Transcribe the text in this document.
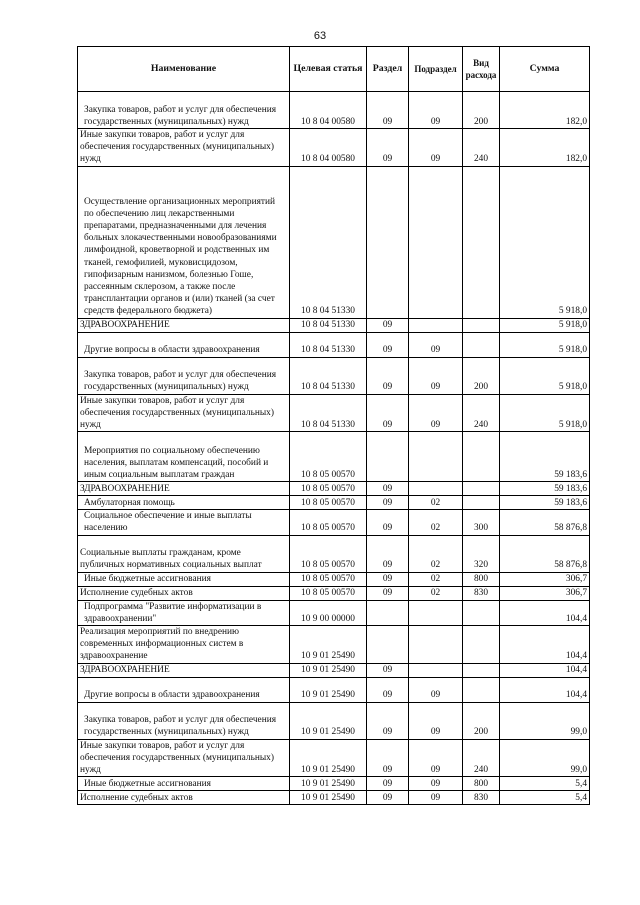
63
Наименование	Целевая статья	Раздел	Подраздел	Вид расхода	Сумма
Закупка товаров, работ и услуг для обеспечения государственных (муниципальных) нужд	10 8 04 00580	09	09	200	182,0
Иные закупки товаров, работ и услуг для обеспечения государственных (муниципальных) нужд	10 8 04 00580	09	09	240	182,0
Осуществление организационных мероприятий по обеспечению лиц лекарственными препаратами, предназначенными для лечения больных злокачественными новообразованиями лимфоидной, кроветворной и родственных им тканей, гемофилией, муковисцидозом, гипофизарным нанизмом, болезнью Гоше, рассеянным склерозом, а также после трансплантации органов и (или) тканей (за счет средств федерального бюджета)	10 8 04 51330				5 918,0
ЗДРАВООХРАНЕНИЕ	10 8 04 51330	09			5 918,0
Другие вопросы в области здравоохранения	10 8 04 51330	09	09		5 918,0
Закупка товаров, работ и услуг для обеспечения государственных (муниципальных) нужд	10 8 04 51330	09	09	200	5 918,0
Иные закупки товаров, работ и услуг для обеспечения государственных (муниципальных) нужд	10 8 04 51330	09	09	240	5 918,0
Мероприятия по социальному обеспечению населения, выплатам компенсаций, пособий и иным социальным выплатам граждан	10 8 05 00570				59 183,6
ЗДРАВООХРАНЕНИЕ	10 8 05 00570	09			59 183,6
Амбулаторная помощь	10 8 05 00570	09	02		59 183,6
Социальное обеспечение и иные выплаты населению	10 8 05 00570	09	02	300	58 876,8
Социальные выплаты гражданам, кроме публичных нормативных социальных выплат	10 8 05 00570	09	02	320	58 876,8
Иные бюджетные ассигнования	10 8 05 00570	09	02	800	306,7
Исполнение судебных актов	10 8 05 00570	09	02	830	306,7
Подпрограмма "Развитие информатизации в здравоохранении"	10 9 00 00000				104,4
Реализация мероприятий по внедрению современных информационных систем в здравоохранение	10 9 01 25490				104,4
ЗДРАВООХРАНЕНИЕ	10 9 01 25490	09			104,4
Другие вопросы в области здравоохранения	10 9 01 25490	09	09		104,4
Закупка товаров, работ и услуг для обеспечения государственных (муниципальных) нужд	10 9 01 25490	09	09	200	99,0
Иные закупки товаров, работ и услуг для обеспечения государственных (муниципальных) нужд	10 9 01 25490	09	09	240	99,0
Иные бюджетные ассигнования	10 9 01 25490	09	09	800	5,4
Исполнение судебных актов	10 9 01 25490	09	09	830	5,4
